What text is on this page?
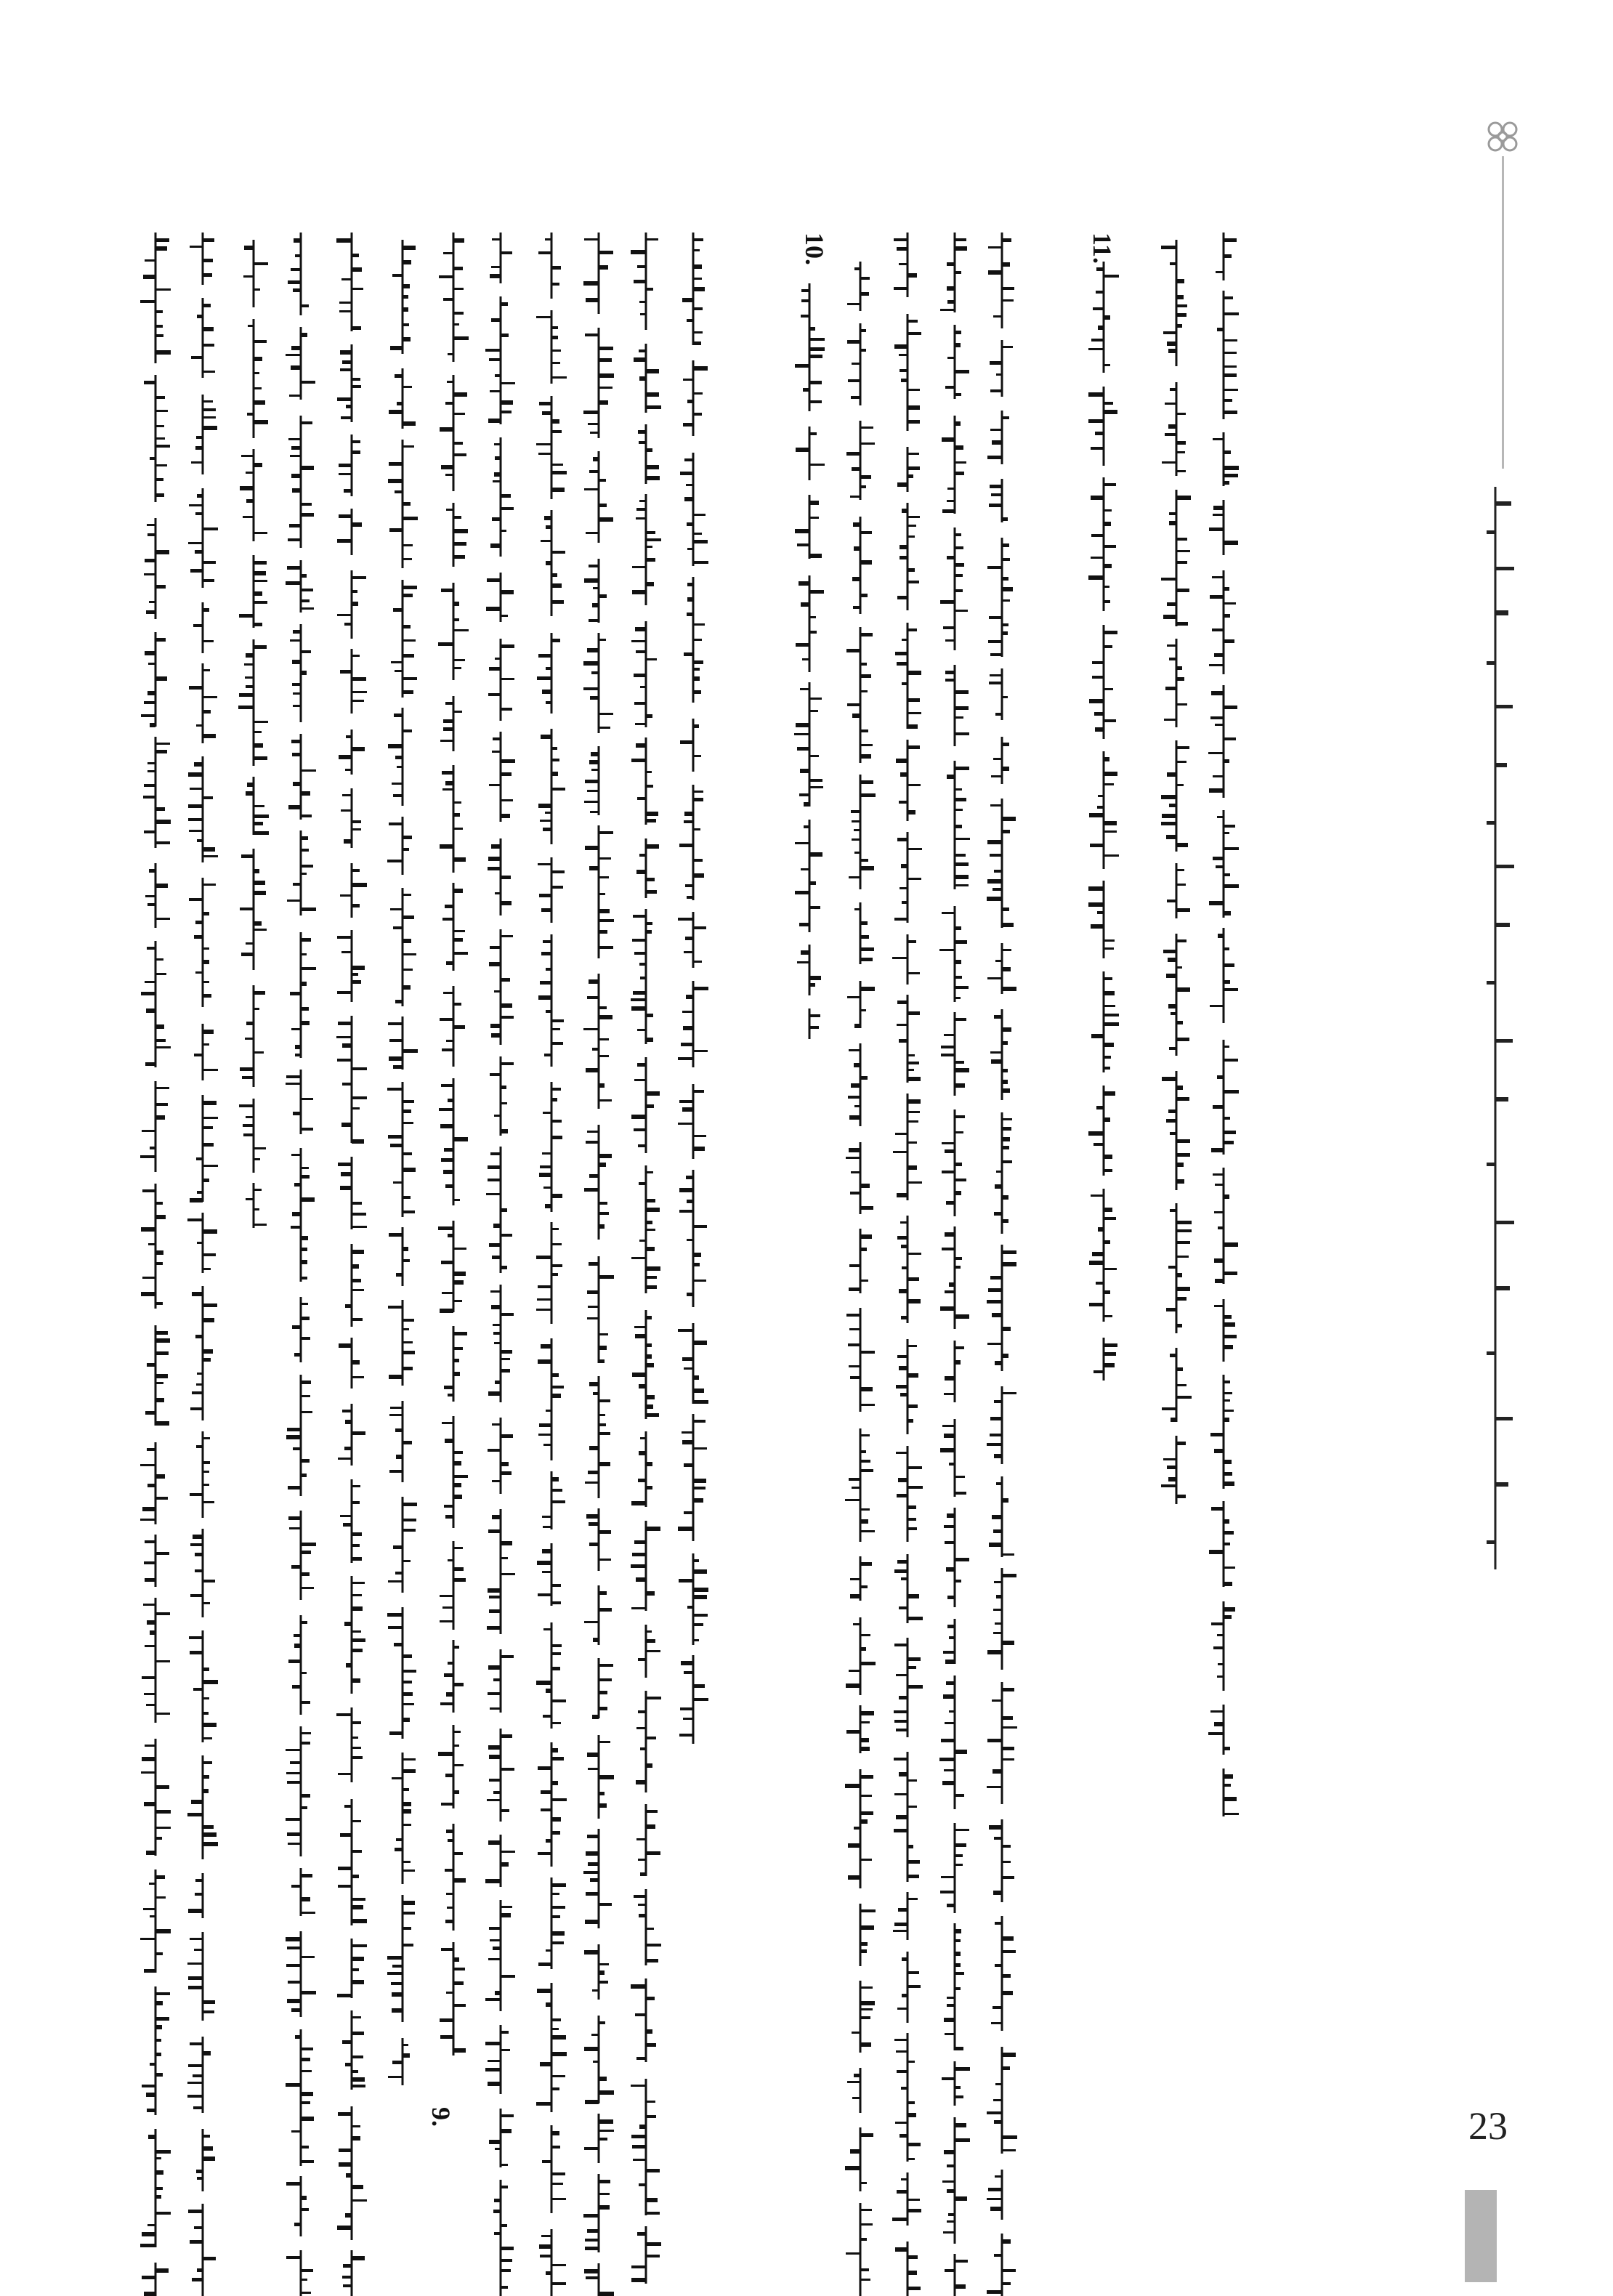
23
11.
10.
9.
